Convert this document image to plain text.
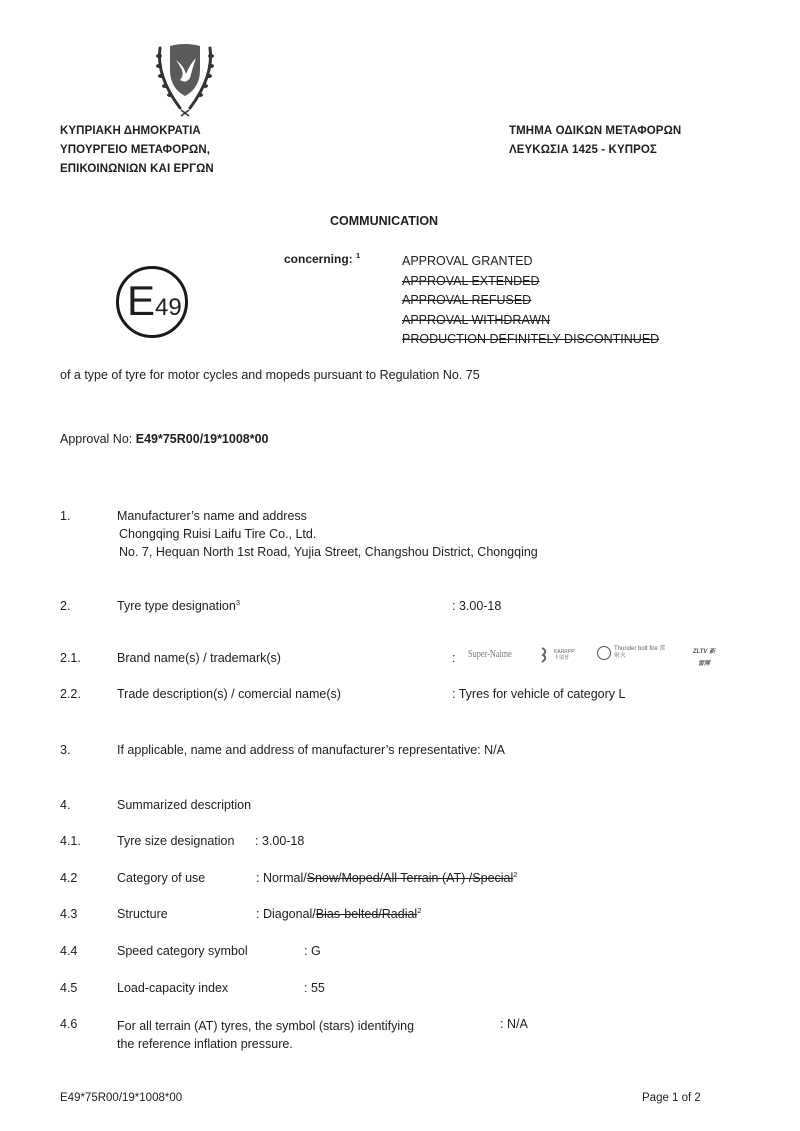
ΚΥΠΡΙΑΚΗ ΔΗΜΟΚΡΑΤΙΑ
ΥΠΟΥΡΓΕΙΟ ΜΕΤΑΦΟΡΩΝ,
ΕΠΙΚΟΙΝΩΝΙΩΝ ΚΑΙ ΕΡΓΩΝ
ΤΜΗΜΑ ΟΔΙΚΩΝ ΜΕΤΑΦΟΡΩΝ
ΛΕΥΚΩΣΙΑ 1425 - ΚΥΠΡΟΣ
COMMUNICATION
E49
concerning: $^1$	APPROVAL GRANTED
APPROVAL EXTENDED
APPROVAL REFUSED
APPROVAL WITHDRAWN
PRODUCTION DEFINITELY DISCONTINUED
of a type of tyre for motor cycles and mopeds pursuant to Regulation No. 75
Approval No: E49*75R00/19*1008*00
1.	Manufacturer’s name and address
Chongqing Ruisi Laifu Tire Co., Ltd.
No. 7, Hequan North 1st Road, Yujia Street, Changshou District, Chongqing
2.	Tyre type designation$^3$	: 3.00-18
2.1.	Brand name(s) / trademark(s)	: Super-Naime	KARRPP 卡瑞普
Thunder bolt fire 雷射火
ZLTV 新雷牌
2.2.	Trade description(s) / comercial name(s)	: Tyres for vehicle of category L
3.	If applicable, name and address of manufacturer’s representative: N/A
4.	Summarized description
4.1.	Tyre size designation : 3.00-18
4.2	Category of use	: Normal/Snow/Moped/All Terrain (AT) /Special$^2$
4.3	Structure	: Diagonal/Bias-belted/Radial$^2$
4.4	Speed category symbol	: G
4.5	Load-capacity index	: 55
4.6	For all terrain (AT) tyres, the symbol (stars) identifying
the reference inflation pressure.
: N/A
E49*75R00/19*1008*00	Page 1 of 2
